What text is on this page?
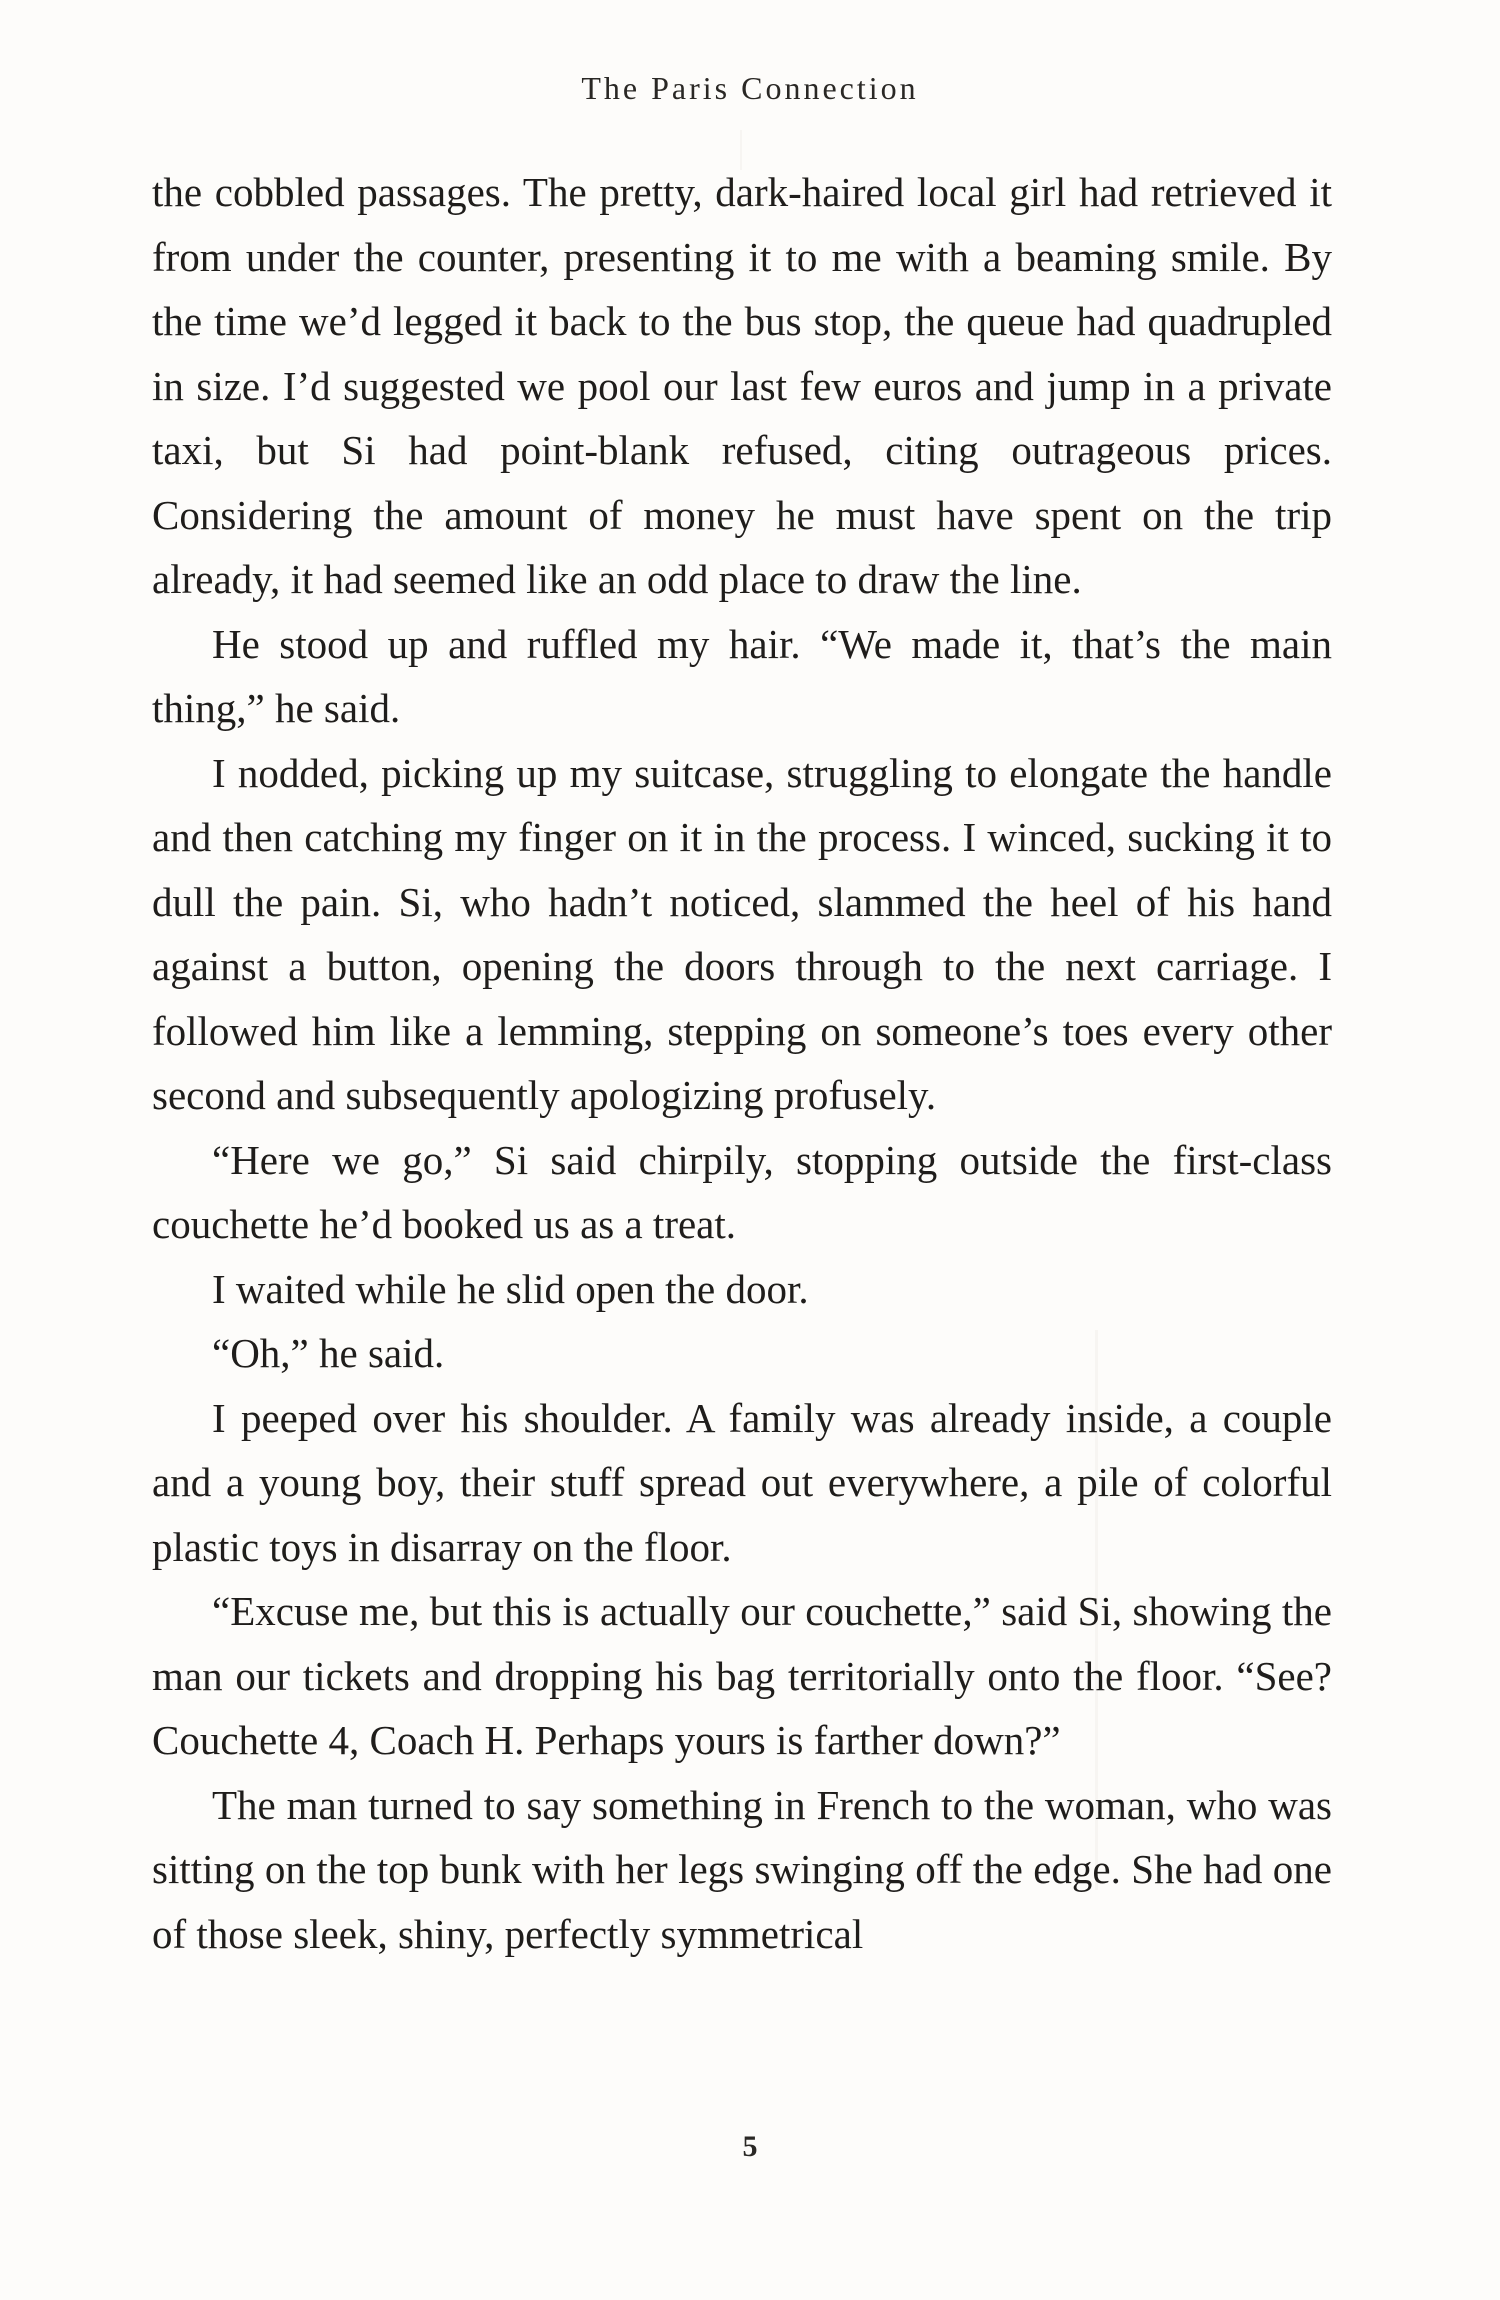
The Paris Connection

the cobbled passages. The pretty, dark-haired local girl had retrieved it from under the counter, presenting it to me with a beaming smile. By the time we’d legged it back to the bus stop, the queue had quadrupled in size. I’d suggested we pool our last few euros and jump in a private taxi, but Si had point-blank refused, citing outrageous prices. Considering the amount of money he must have spent on the trip already, it had seemed like an odd place to draw the line.

He stood up and ruffled my hair. “We made it, that’s the main thing,” he said.

I nodded, picking up my suitcase, struggling to elongate the handle and then catching my finger on it in the process. I winced, sucking it to dull the pain. Si, who hadn’t noticed, slammed the heel of his hand against a button, opening the doors through to the next carriage. I followed him like a lemming, stepping on someone’s toes every other second and subsequently apologizing profusely.

“Here we go,” Si said chirpily, stopping outside the first-class couchette he’d booked us as a treat.

I waited while he slid open the door.

“Oh,” he said.

I peeped over his shoulder. A family was already inside, a couple and a young boy, their stuff spread out everywhere, a pile of colorful plastic toys in disarray on the floor.

“Excuse me, but this is actually our couchette,” said Si, showing the man our tickets and dropping his bag territorially onto the floor. “See? Couchette 4, Coach H. Perhaps yours is farther down?”

The man turned to say something in French to the woman, who was sitting on the top bunk with her legs swinging off the edge. She had one of those sleek, shiny, perfectly symmetrical

5
